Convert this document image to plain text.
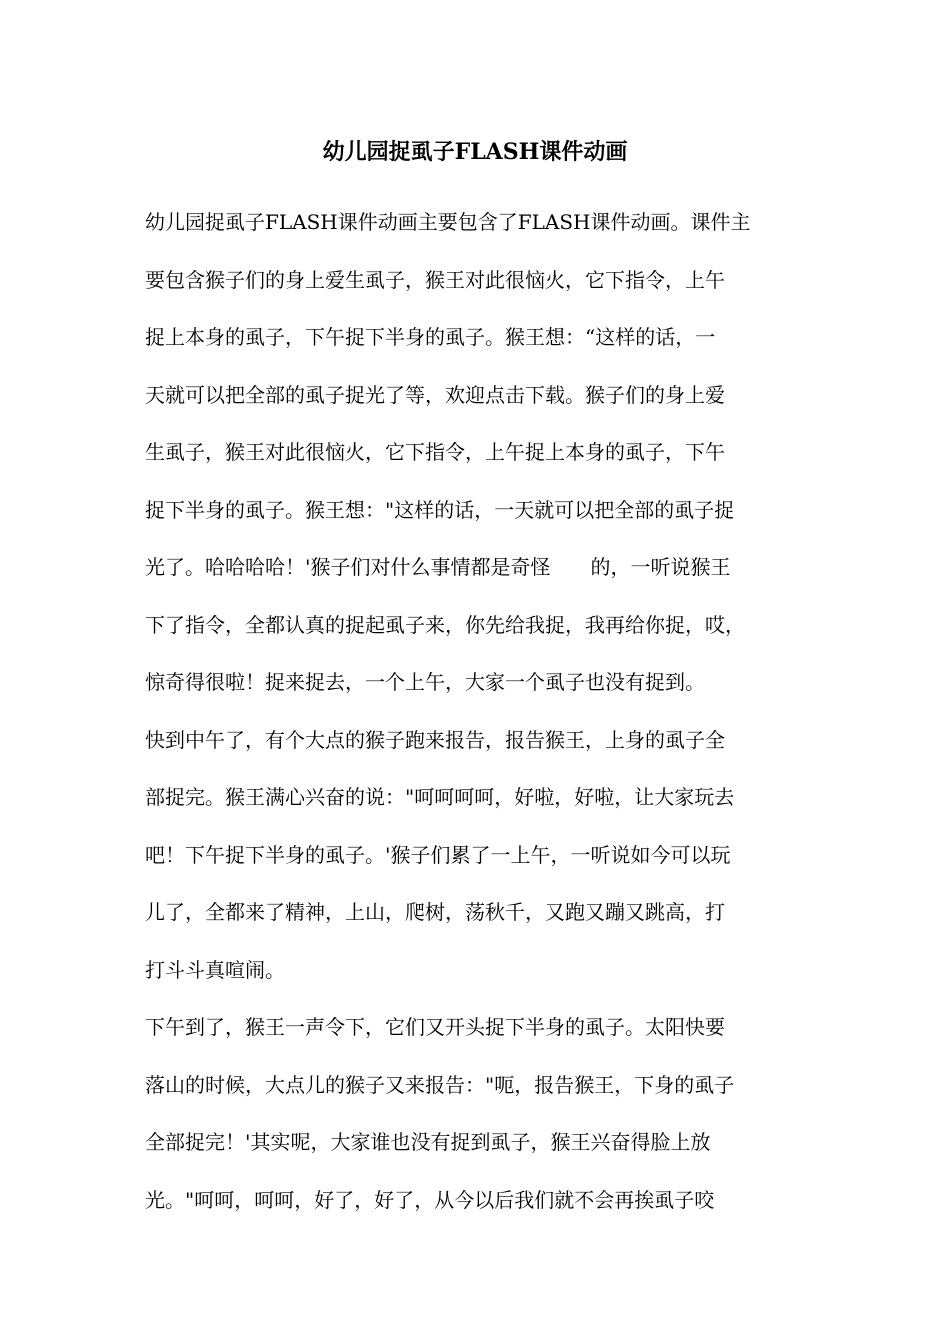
幼儿园捉虱子FLASH课件动画
幼儿园捉虱子FLASH课件动画主要包含了FLASH课件动画。课件主
要包含猴子们的身上爱生虱子，猴王对此很恼火，它下指令，上午
捉上本身的虱子，下午捉下半身的虱子。猴王想：“这样的话，一
天就可以把全部的虱子捉光了等，欢迎点击下载。猴子们的身上爱
生虱子，猴王对此很恼火，它下指令，上午捉上本身的虱子，下午
捉下半身的虱子。猴王想："这样的话，一天就可以把全部的虱子捉
光了。哈哈哈哈！'猴子们对什么事情都是奇怪　　的，一听说猴王
下了指令，全都认真的捉起虱子来，你先给我捉，我再给你捉，哎，
惊奇得很啦！捉来捉去，一个上午，大家一个虱子也没有捉到。
快到中午了，有个大点的猴子跑来报告，报告猴王，上身的虱子全
部捉完。猴王满心兴奋的说："呵呵呵呵，好啦，好啦，让大家玩去
吧！下午捉下半身的虱子。'猴子们累了一上午，一听说如今可以玩
儿了，全都来了精神，上山，爬树，荡秋千，又跑又蹦又跳高，打
打斗斗真喧闹。
下午到了，猴王一声令下，它们又开头捉下半身的虱子。太阳快要
落山的时候，大点儿的猴子又来报告："呃，报告猴王，下身的虱子
全部捉完！'其实呢，大家谁也没有捉到虱子，猴王兴奋得脸上放
光。"呵呵，呵呵，好了，好了，从今以后我们就不会再挨虱子咬
